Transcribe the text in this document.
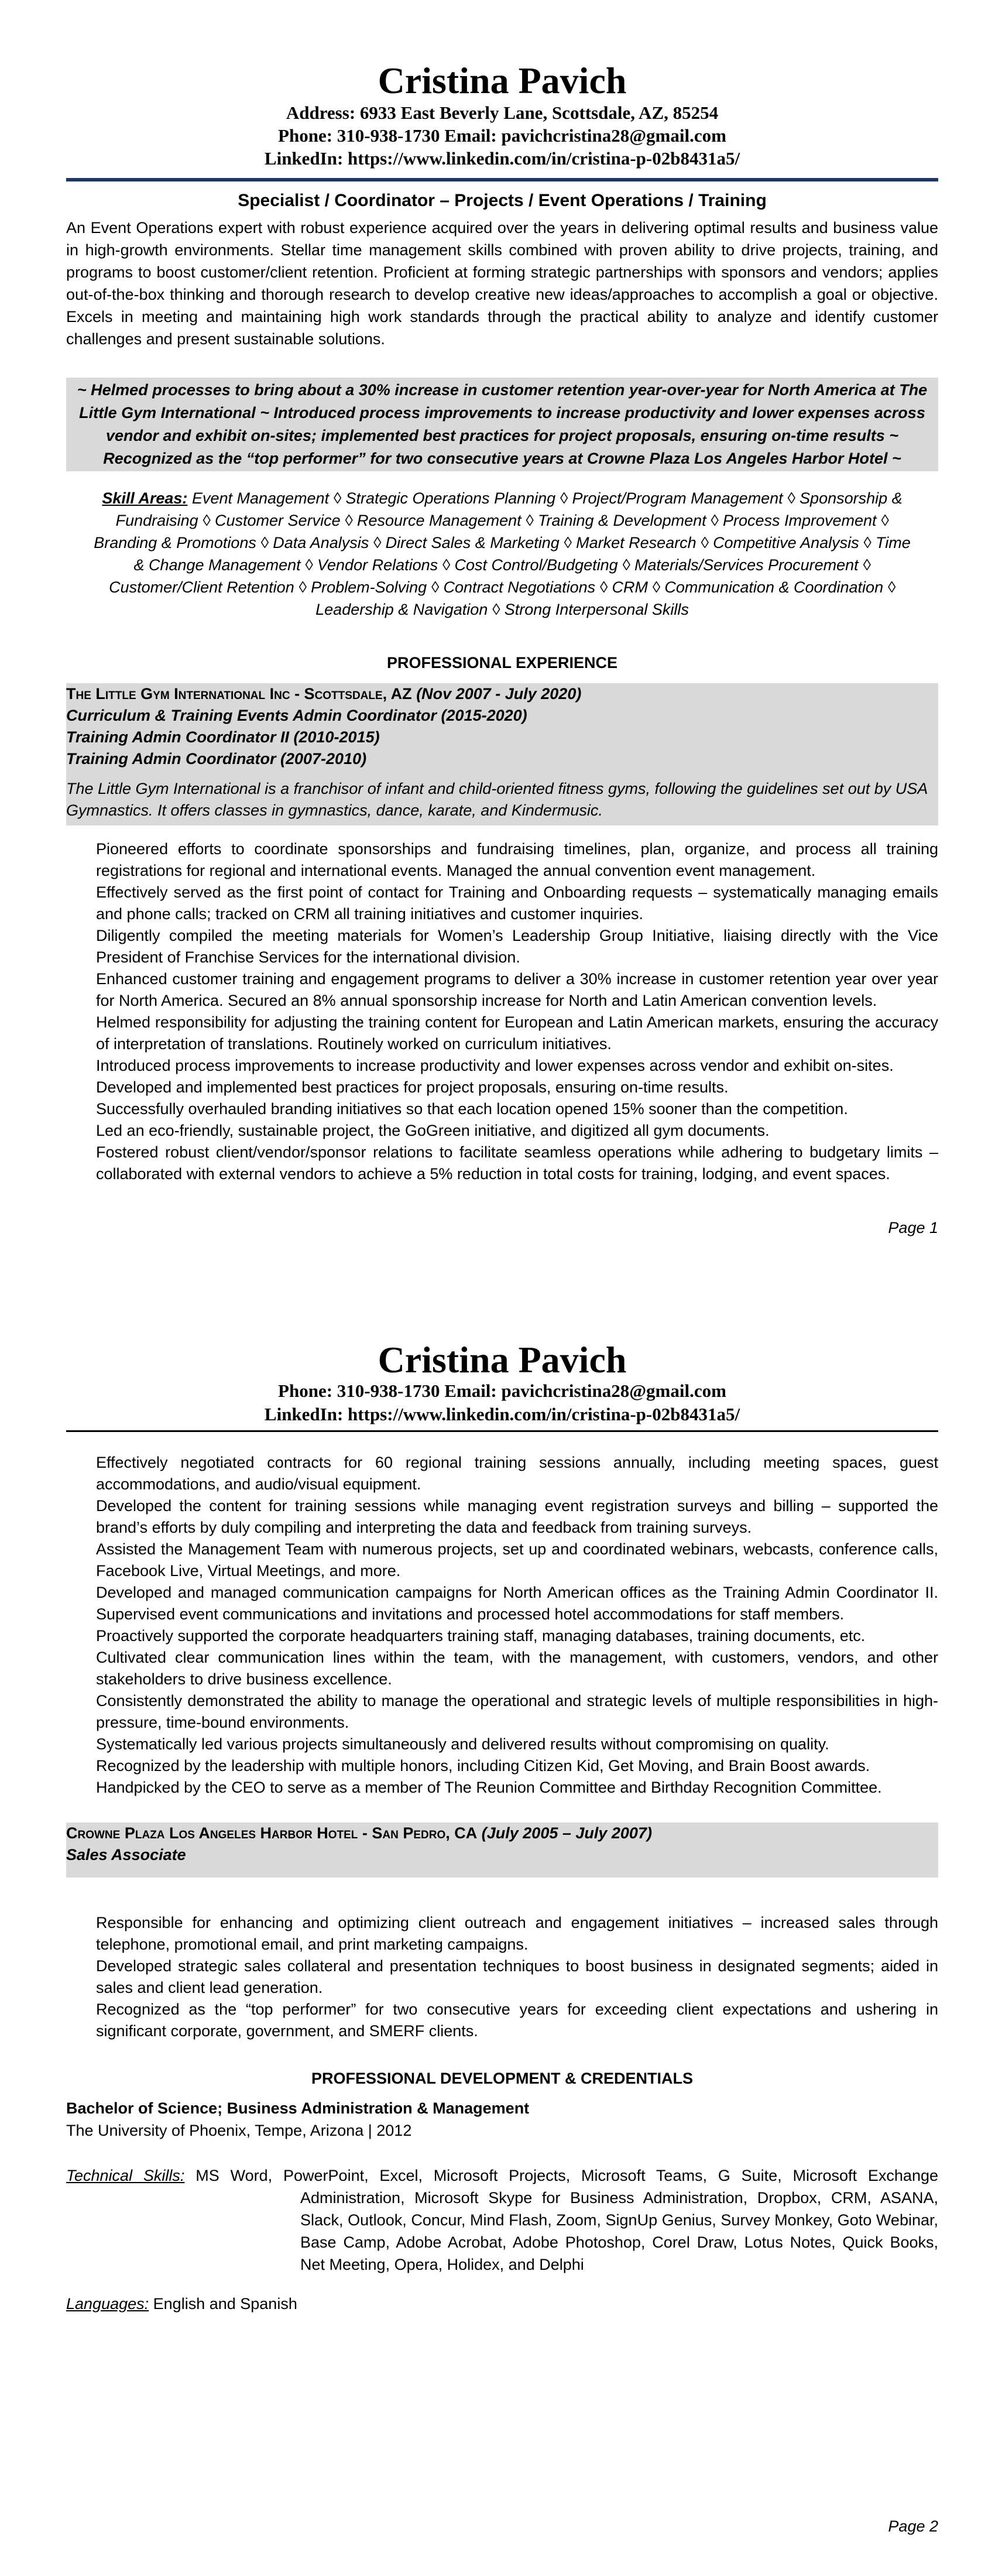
Cristina Pavich
Address: 6933 East Beverly Lane, Scottsdale, AZ, 85254
Phone: 310-938-1730 Email: pavichcristina28@gmail.com
LinkedIn: https://www.linkedin.com/in/cristina-p-02b8431a5/
Specialist / Coordinator – Projects / Event Operations / Training
An Event Operations expert with robust experience acquired over the years in delivering optimal results and business value in high-growth environments. Stellar time management skills combined with proven ability to drive projects, training, and programs to boost customer/client retention. Proficient at forming strategic partnerships with sponsors and vendors; applies out-of-the-box thinking and thorough research to develop creative new ideas/approaches to accomplish a goal or objective. Excels in meeting and maintaining high work standards through the practical ability to analyze and identify customer challenges and present sustainable solutions.
~ Helmed processes to bring about a 30% increase in customer retention year-over-year for North America at The Little Gym International ~ Introduced process improvements to increase productivity and lower expenses across vendor and exhibit on-sites; implemented best practices for project proposals, ensuring on-time results ~ Recognized as the “top performer” for two consecutive years at Crowne Plaza Los Angeles Harbor Hotel ~
Skill Areas: Event Management ◊ Strategic Operations Planning ◊ Project/Program Management ◊ Sponsorship & Fundraising ◊ Customer Service ◊ Resource Management ◊ Training & Development ◊ Process Improvement ◊ Branding & Promotions ◊ Data Analysis ◊ Direct Sales & Marketing ◊ Market Research ◊ Competitive Analysis ◊ Time & Change Management ◊ Vendor Relations ◊ Cost Control/Budgeting ◊ Materials/Services Procurement ◊ Customer/Client Retention ◊ Problem-Solving ◊ Contract Negotiations ◊ CRM ◊ Communication & Coordination ◊ Leadership & Navigation ◊ Strong Interpersonal Skills
PROFESSIONAL EXPERIENCE
The Little Gym International Inc - Scottsdale, AZ (Nov 2007 - July 2020)
Curriculum & Training Events Admin Coordinator (2015-2020)
Training Admin Coordinator II (2010-2015)
Training Admin Coordinator (2007-2010)
The Little Gym International is a franchisor of infant and child-oriented fitness gyms, following the guidelines set out by USA Gymnastics. It offers classes in gymnastics, dance, karate, and Kindermusic.
Pioneered efforts to coordinate sponsorships and fundraising timelines, plan, organize, and process all training registrations for regional and international events. Managed the annual convention event management.
Effectively served as the first point of contact for Training and Onboarding requests – systematically managing emails and phone calls; tracked on CRM all training initiatives and customer inquiries.
Diligently compiled the meeting materials for Women’s Leadership Group Initiative, liaising directly with the Vice President of Franchise Services for the international division.
Enhanced customer training and engagement programs to deliver a 30% increase in customer retention year over year for North America. Secured an 8% annual sponsorship increase for North and Latin American convention levels.
Helmed responsibility for adjusting the training content for European and Latin American markets, ensuring the accuracy of interpretation of translations. Routinely worked on curriculum initiatives.
Introduced process improvements to increase productivity and lower expenses across vendor and exhibit on-sites.
Developed and implemented best practices for project proposals, ensuring on-time results.
Successfully overhauled branding initiatives so that each location opened 15% sooner than the competition.
Led an eco-friendly, sustainable project, the GoGreen initiative, and digitized all gym documents.
Fostered robust client/vendor/sponsor relations to facilitate seamless operations while adhering to budgetary limits – collaborated with external vendors to achieve a 5% reduction in total costs for training, lodging, and event spaces.
Page 1
Cristina Pavich
Phone: 310-938-1730 Email: pavichcristina28@gmail.com
LinkedIn: https://www.linkedin.com/in/cristina-p-02b8431a5/
Effectively negotiated contracts for 60 regional training sessions annually, including meeting spaces, guest accommodations, and audio/visual equipment.
Developed the content for training sessions while managing event registration surveys and billing – supported the brand’s efforts by duly compiling and interpreting the data and feedback from training surveys.
Assisted the Management Team with numerous projects, set up and coordinated webinars, webcasts, conference calls, Facebook Live, Virtual Meetings, and more.
Developed and managed communication campaigns for North American offices as the Training Admin Coordinator II. Supervised event communications and invitations and processed hotel accommodations for staff members.
Proactively supported the corporate headquarters training staff, managing databases, training documents, etc.
Cultivated clear communication lines within the team, with the management, with customers, vendors, and other stakeholders to drive business excellence.
Consistently demonstrated the ability to manage the operational and strategic levels of multiple responsibilities in high-pressure, time-bound environments.
Systematically led various projects simultaneously and delivered results without compromising on quality.
Recognized by the leadership with multiple honors, including Citizen Kid, Get Moving, and Brain Boost awards.
Handpicked by the CEO to serve as a member of The Reunion Committee and Birthday Recognition Committee.
Crowne Plaza Los Angeles Harbor Hotel - San Pedro, CA (July 2005 – July 2007)
Sales Associate
Responsible for enhancing and optimizing client outreach and engagement initiatives – increased sales through telephone, promotional email, and print marketing campaigns.
Developed strategic sales collateral and presentation techniques to boost business in designated segments; aided in sales and client lead generation.
Recognized as the “top performer” for two consecutive years for exceeding client expectations and ushering in significant corporate, government, and SMERF clients.
PROFESSIONAL DEVELOPMENT & CREDENTIALS
Bachelor of Science; Business Administration & Management
The University of Phoenix, Tempe, Arizona | 2012
Technical Skills: MS Word, PowerPoint, Excel, Microsoft Projects, Microsoft Teams, G Suite, Microsoft Exchange Administration, Microsoft Skype for Business Administration, Dropbox, CRM, ASANA, Slack, Outlook, Concur, Mind Flash, Zoom, SignUp Genius, Survey Monkey, Goto Webinar, Base Camp, Adobe Acrobat, Adobe Photoshop, Corel Draw, Lotus Notes, Quick Books, Net Meeting, Opera, Holidex, and Delphi
Languages: English and Spanish
Page 2
